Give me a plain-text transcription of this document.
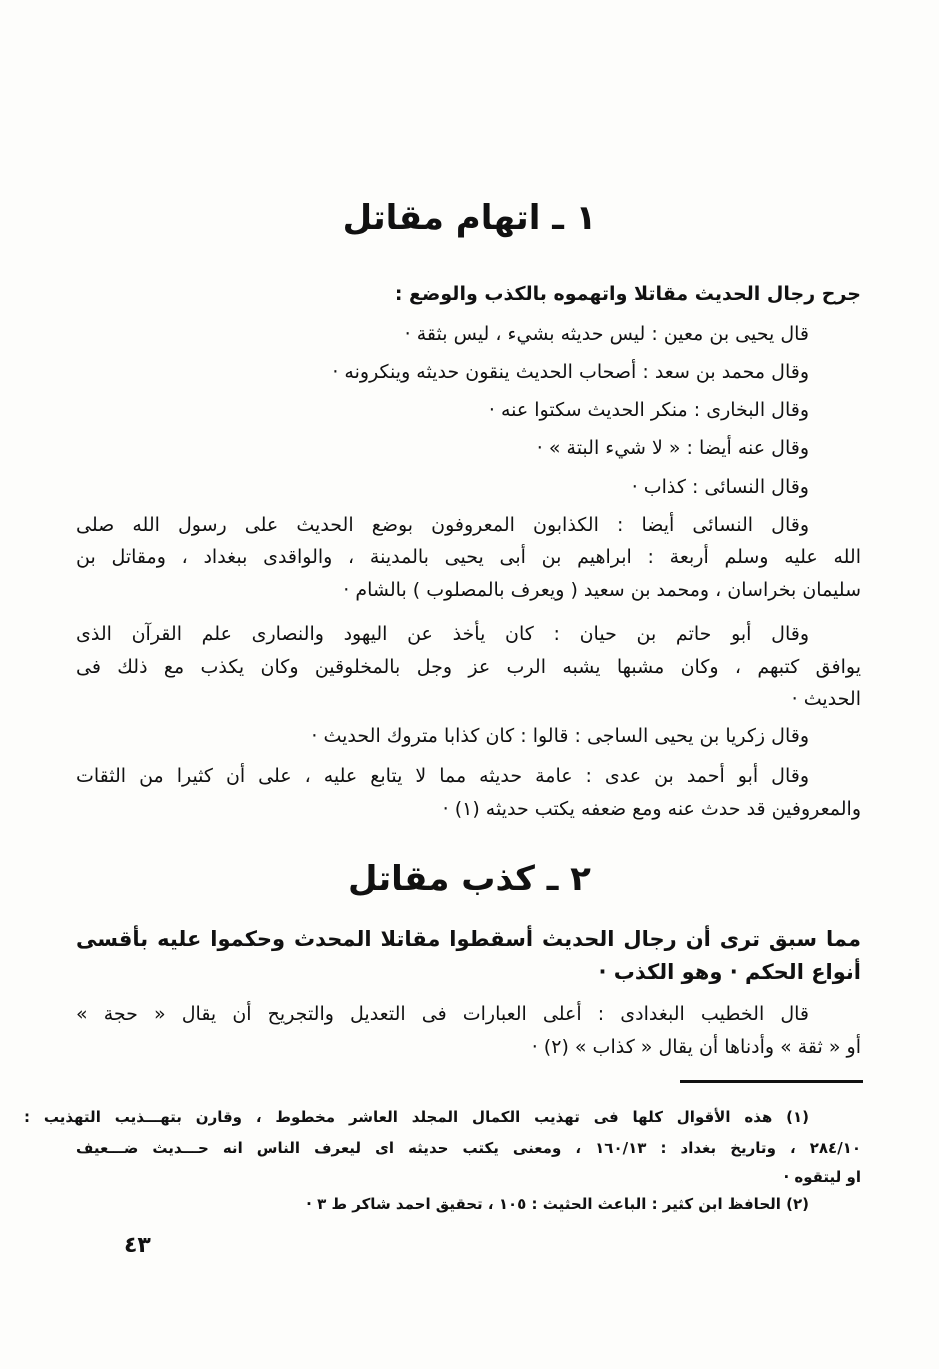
١ ـ اتهام مقاتل
جرح رجال الحديث مقاتلا واتهموه بالكذب والوضع :
قال يحيى بن معين : ليس حديثه بشيء ، ليس بثقة ·
وقال محمد بن سعد : أصحاب الحديث ينقون حديثه وينكرونه ·
وقال البخارى : منكر الحديث سكتوا عنه ·
وقال عنه أيضا : « لا شيء البتة » ·
وقال النسائى : كذاب ·
وقال النسائى أيضا : الكذابون المعروفون بوضع الحديث على رسول الله صلى
الله عليه وسلم أربعة : ابراهيم بن أبى يحيى بالمدينة ، والواقدى ببغداد ، ومقاتل بن
سليمان بخراسان ، ومحمد بن سعيد ( ويعرف بالمصلوب ) بالشام ·
وقال أبو حاتم بن حيان : كان يأخذ عن اليهود والنصارى علم القرآن الذى
يوافق كتبهم ، وكان مشبها يشبه الرب عز وجل بالمخلوقين وكان يكذب مع ذلك فى
الحديث ·
وقال زكريا بن يحيى الساجى : قالوا : كان كذابا متروك الحديث ·
وقال أبو أحمد بن عدى : عامة حديثه مما لا يتابع عليه ، على أن كثيرا من الثقات
والمعروفين قد حدث عنه ومع ضعفه يكتب حديثه (١) ·
٢ ـ كذب مقاتل
مما سبق ترى أن رجال الحديث أسقطوا مقاتلا المحدث وحكموا عليه بأقسى
أنواع الحكم · وهو الكذب ·
قال الخطيب البغدادى : أعلى العبارات فى التعديل والتجريح أن يقال « حجة »
أو « ثقة » وأدناها أن يقال « كذاب » (٢) ·
(١) هذه الأقوال كلها فى تهذيب الكمال المجلد العاشر مخطوط ، وقارن بتهـــذيب التهذيب :
٢٨٤/١٠ ، وتاريخ بغداد : ١٦٠/١٣ ، ومعنى يكتب حديثه اى ليعرف الناس انه حـــديث ضـــعيف
او ليتقوه ·
(٢) الحافظ ابن كثير : الباعث الحثيث : ١٠٥ ، تحقيق احمد شاكر ط ٣ ·
٤٣
